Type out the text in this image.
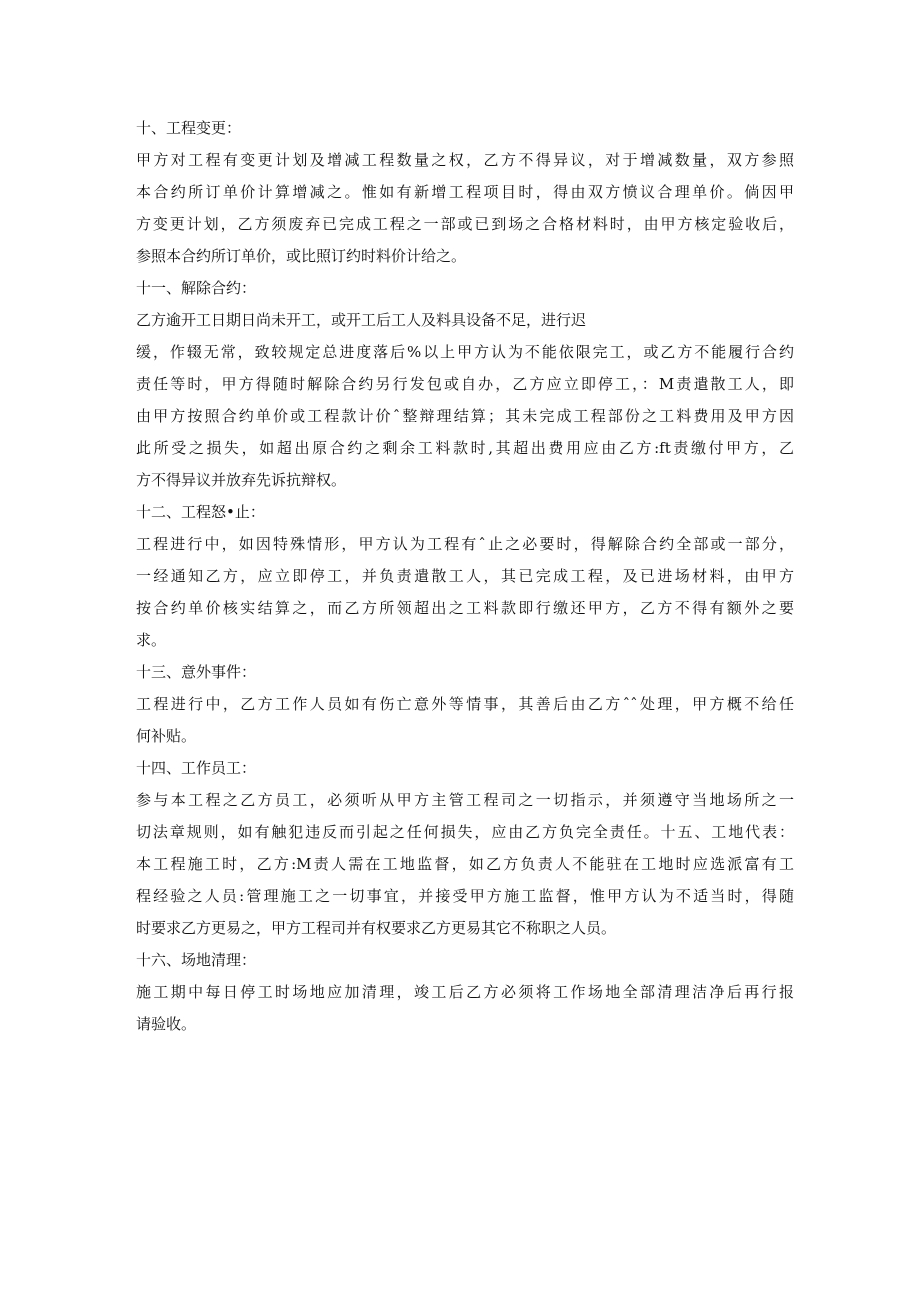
十、工程变更：
甲方对工程有变更计划及增减工程数量之权，乙方不得异议，对于增减数量，双方参照
本合约所订单价计算增减之。惟如有新增工程项目时，得由双方愤议合理单价。倘因甲
方变更计划，乙方须废弃已完成工程之一部或已到场之合格材料时，由甲方核定验收后，
参照本合约所订单价，或比照订约时料价计给之。
十一、解除合约：
乙方逾开工日期日尚未开工，或开工后工人及料具设备不足，进行迟
缓，作辍无常，致较规定总进度落后%以上甲方认为不能依限完工，或乙方不能履行合约
责任等时，甲方得随时解除合约另行发包或自办，乙方应立即停工，：M责遣散工人，即
由甲方按照合约单价或工程款计价ˆ整辩理结算；其未完成工程部份之工料费用及甲方因
此所受之损失，如超出原合约之剩余工料款时,其超出费用应由乙方:ft责缴付甲方，乙
方不得异议并放弃先诉抗辩权。
十二、工程怒•止：
工程进行中，如因特殊情形，甲方认为工程有ˆ止之必要时，得解除合约全部或一部分，
一经通知乙方，应立即停工，并负责遣散工人，其已完成工程，及已进场材料，由甲方
按合约单价核实结算之，而乙方所领超出之工料款即行缴还甲方，乙方不得有额外之要
求。
十三、意外事件：
工程进行中，乙方工作人员如有伤亡意外等情事，其善后由乙方ˆˆ处理，甲方概不给任
何补贴。
十四、工作员工：
参与本工程之乙方员工，必须听从甲方主管工程司之一切指示，并须遵守当地场所之一
切法章规则，如有触犯违反而引起之任何损失，应由乙方负完全责任。十五、工地代表：
本工程施工时，乙方:M责人需在工地监督，如乙方负责人不能驻在工地时应选派富有工
程经验之人员:管理施工之一切事宜，并接受甲方施工监督，惟甲方认为不适当时，得随
时要求乙方更易之，甲方工程司并有权要求乙方更易其它不称职之人员。
十六、场地清理：
施工期中每日停工时场地应加清理，竣工后乙方必须将工作场地全部清理洁净后再行报
请验收。
